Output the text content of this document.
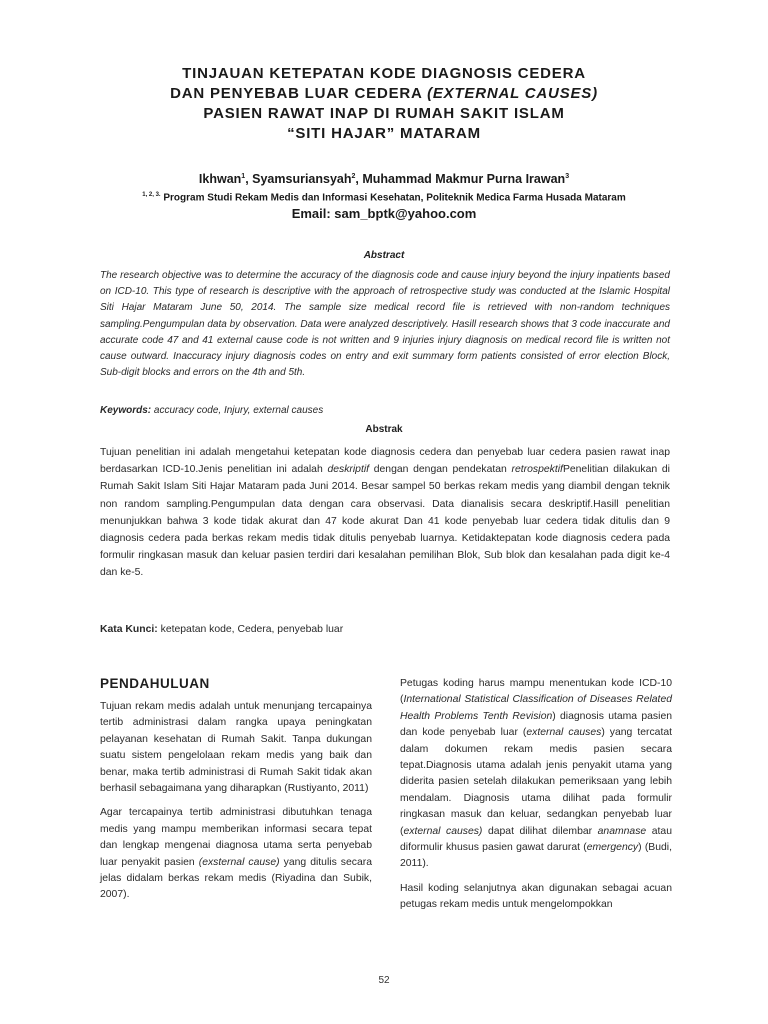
TINJAUAN KETEPATAN KODE DIAGNOSIS CEDERA
DAN PENYEBAB LUAR CEDERA (EXTERNAL CAUSES)
PASIEN RAWAT INAP DI RUMAH SAKIT ISLAM
“SITI HAJAR” MATARAM
Ikhwan$^1$, Syamsuriansyah$^2$, Muhammad Makmur Purna Irawan$^3$
$^{1, 2, 3.}$ Program Studi Rekam Medis dan Informasi Kesehatan, Politeknik Medica Farma Husada Mataram
Email: sam_bptk@yahoo.com
Abstract
The research objective was to determine the accuracy of the diagnosis code and cause injury beyond the injury inpatients based on ICD-10. This type of research is descriptive with the approach of retrospective study was conducted at the Islamic Hospital Siti Hajar Mataram June 50, 2014. The sample size medical record file is retrieved with non-random techniques sampling.Pengumpulan data by observation. Data were analyzed descriptively. Hasill research shows that 3 code inaccurate and accurate code 47 and 41 external cause code is not written and 9 injuries injury diagnosis on medical record file is written not cause outward. Inaccuracy injury diagnosis codes on entry and exit summary form patients consisted of error election Block, Sub-digit blocks and errors on the 4th and 5th.
Keywords: accuracy code, Injury, external causes
Abstrak
Tujuan penelitian ini adalah mengetahui ketepatan kode diagnosis cedera dan penyebab luar cedera pasien rawat inap berdasarkan ICD-10.Jenis penelitian ini adalah deskriptif dengan dengan pendekatan retrospektifPenelitian dilakukan di Rumah Sakit Islam Siti Hajar Mataram pada Juni 2014. Besar sampel 50 berkas rekam medis yang diambil dengan teknik non random sampling.Pengumpulan data dengan cara observasi. Data dianalisis secara deskriptif.Hasill penelitian menunjukkan bahwa 3 kode tidak akurat dan 47 kode akurat Dan 41 kode penyebab luar cedera tidak ditulis dan 9 diagnosis cedera pada berkas rekam medis tidak ditulis penyebab luarnya. Ketidaktepatan kode diagnosis cedera pada formulir ringkasan masuk dan keluar pasien terdiri dari kesalahan pemilihan Blok, Sub blok dan kesalahan pada digit ke-4 dan ke-5.
Kata Kunci: ketepatan kode, Cedera, penyebab luar
PENDAHULUAN

Tujuan rekam medis adalah untuk menunjang tercapainya tertib administrasi dalam rangka upaya peningkatan pelayanan kesehatan di Rumah Sakit. Tanpa dukungan suatu sistem pengelolaan rekam medis yang baik dan benar, maka tertib administrasi di Rumah Sakit tidak akan berhasil sebagaimana yang diharapkan (Rustiyanto, 2011)

Agar tercapainya tertib administrasi dibutuhkan tenaga medis yang mampu memberikan informasi secara tepat dan lengkap mengenai diagnosa utama serta penyebab luar penyakit pasien (exsternal cause) yang ditulis secara jelas didalam berkas rekam medis (Riyadina dan Subik, 2007).

Petugas koding harus mampu menentukan kode ICD-10 (International Statistical Classification of Diseases Related Health Problems Tenth Revision) diagnosis utama pasien dan kode penyebab luar (external causes) yang tercatat dalam dokumen rekam medis pasien secara tepat.Diagnosis utama adalah jenis penyakit utama yang diderita pasien setelah dilakukan pemeriksaan yang lebih mendalam. Diagnosis utama dilihat pada formulir ringkasan masuk dan keluar, sedangkan penyebab luar (external causes) dapat dilihat dilembar anamnase atau diformulir khusus pasien gawat darurat (emergency) (Budi, 2011).

Hasil koding selanjutnya akan digunakan sebagai acuan petugas rekam medis untuk mengelompokkan

52
